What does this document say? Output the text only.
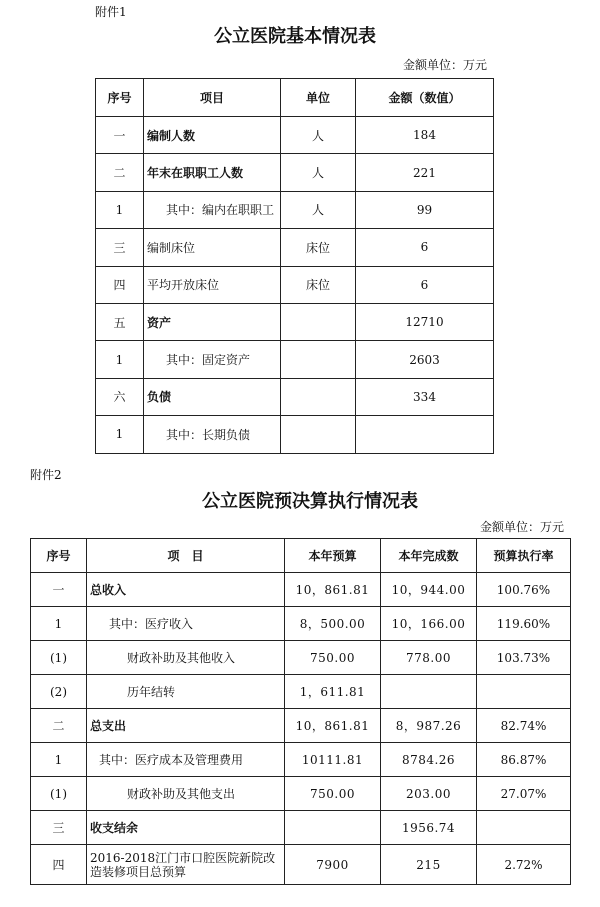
附件1
公立医院基本情况表
金额单位：万元
序号	项目	单位	金额（数值）
一	编制人数	人	184
二	年末在职职工人数	人	221
1	其中：编内在职职工	人	99
三	编制床位	床位	6
四	平均开放床位	床位	6
五	资产		12710
1	其中：固定资产		2603
六	负债		334
1	其中：长期负债		
附件2
公立医院预决算执行情况表
金额单位：万元
序号	项　目	本年预算	本年完成数	预算执行率
一	总收入	10，861.81	10，944.00	100.76%
1	其中：医疗收入	8，500.00	10，166.00	119.60%
(1)	财政补助及其他收入	750.00	778.00	103.73%
(2)	历年结转	1，611.81		
二	总支出	10，861.81	8，987.26	82.74%
1	其中：医疗成本及管理费用	10111.81	8784.26	86.87%
(1)	财政补助及其他支出	750.00	203.00	27.07%
三	收支结余		1956.74	
四	2016-2018江门市口腔医院新院改造装修项目总预算	7900	215	2.72%
